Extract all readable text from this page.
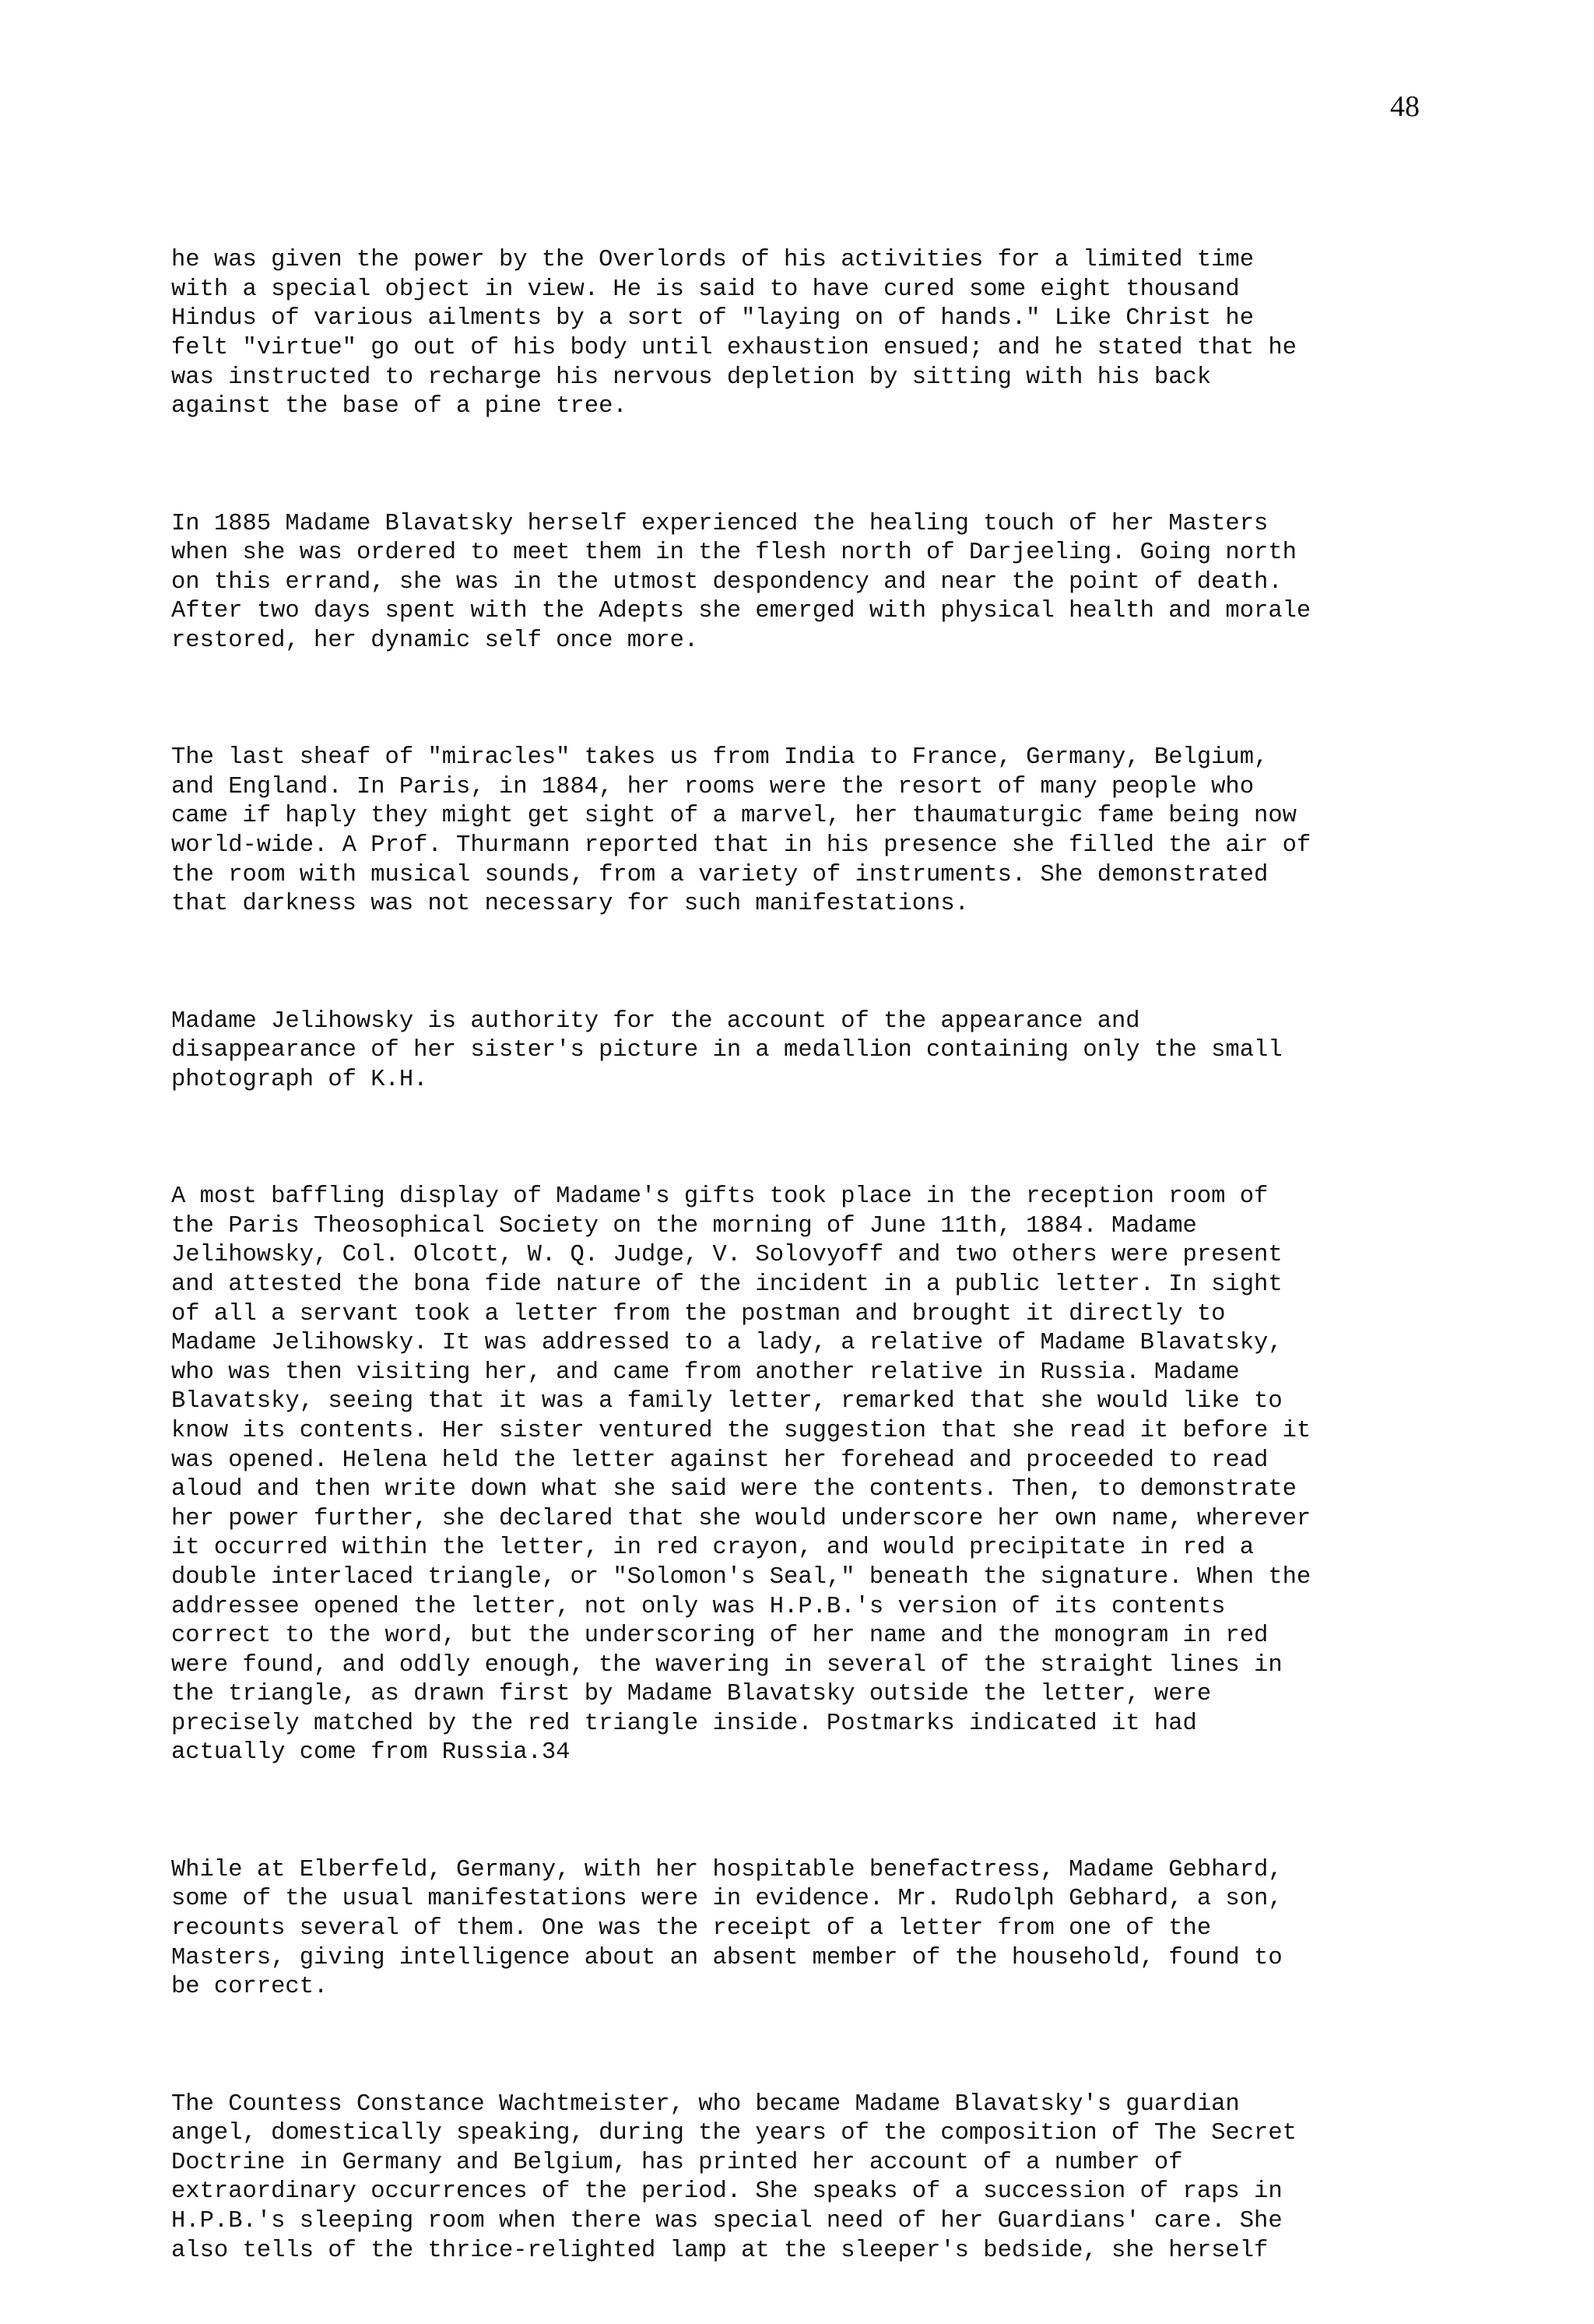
48

he was given the power by the Overlords of his activities for a limited time
with a special object in view. He is said to have cured some eight thousand
Hindus of various ailments by a sort of "laying on of hands." Like Christ he
felt "virtue" go out of his body until exhaustion ensued; and he stated that he
was instructed to recharge his nervous depletion by sitting with his back
against the base of a pine tree.

In 1885 Madame Blavatsky herself experienced the healing touch of her Masters
when she was ordered to meet them in the flesh north of Darjeeling. Going north
on this errand, she was in the utmost despondency and near the point of death.
After two days spent with the Adepts she emerged with physical health and morale
restored, her dynamic self once more.

The last sheaf of "miracles" takes us from India to France, Germany, Belgium,
and England. In Paris, in 1884, her rooms were the resort of many people who
came if haply they might get sight of a marvel, her thaumaturgic fame being now
world-wide. A Prof. Thurmann reported that in his presence she filled the air of
the room with musical sounds, from a variety of instruments. She demonstrated
that darkness was not necessary for such manifestations.

Madame Jelihowsky is authority for the account of the appearance and
disappearance of her sister's picture in a medallion containing only the small
photograph of K.H.

A most baffling display of Madame's gifts took place in the reception room of
the Paris Theosophical Society on the morning of June 11th, 1884. Madame
Jelihowsky, Col. Olcott, W. Q. Judge, V. Solovyoff and two others were present
and attested the bona fide nature of the incident in a public letter. In sight
of all a servant took a letter from the postman and brought it directly to
Madame Jelihowsky. It was addressed to a lady, a relative of Madame Blavatsky,
who was then visiting her, and came from another relative in Russia. Madame
Blavatsky, seeing that it was a family letter, remarked that she would like to
know its contents. Her sister ventured the suggestion that she read it before it
was opened. Helena held the letter against her forehead and proceeded to read
aloud and then write down what she said were the contents. Then, to demonstrate
her power further, she declared that she would underscore her own name, wherever
it occurred within the letter, in red crayon, and would precipitate in red a
double interlaced triangle, or "Solomon's Seal," beneath the signature. When the
addressee opened the letter, not only was H.P.B.'s version of its contents
correct to the word, but the underscoring of her name and the monogram in red
were found, and oddly enough, the wavering in several of the straight lines in
the triangle, as drawn first by Madame Blavatsky outside the letter, were
precisely matched by the red triangle inside. Postmarks indicated it had
actually come from Russia.34

While at Elberfeld, Germany, with her hospitable benefactress, Madame Gebhard,
some of the usual manifestations were in evidence. Mr. Rudolph Gebhard, a son,
recounts several of them. One was the receipt of a letter from one of the
Masters, giving intelligence about an absent member of the household, found to
be correct.

The Countess Constance Wachtmeister, who became Madame Blavatsky's guardian
angel, domestically speaking, during the years of the composition of The Secret
Doctrine in Germany and Belgium, has printed her account of a number of
extraordinary occurrences of the period. She speaks of a succession of raps in
H.P.B.'s sleeping room when there was special need of her Guardians' care. She
also tells of the thrice-relighted lamp at the sleeper's bedside, she herself
